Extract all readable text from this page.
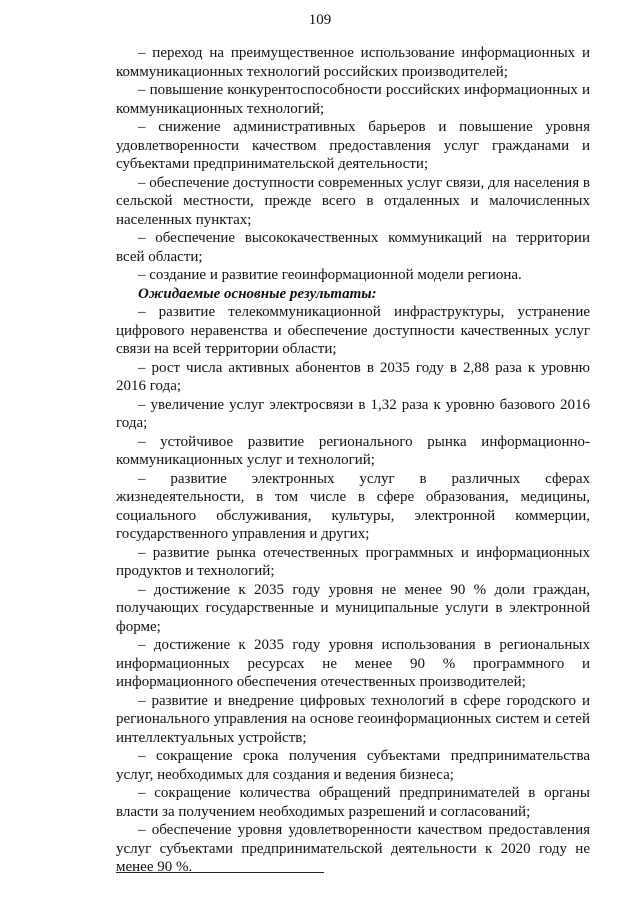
109

– переход на преимущественное использование информационных и коммуникационных технологий российских производителей;

– повышение конкурентоспособности российских информационных и коммуникационных технологий;

– снижение административных барьеров и повышение уровня удовлетворенности качеством предоставления услуг гражданами и субъектами предпринимательской деятельности;

– обеспечение доступности современных услуг связи, для населения в сельской местности, прежде всего в отдаленных и малочисленных населенных пунктах;

– обеспечение высококачественных коммуникаций на территории всей области;

– создание и развитие геоинформационной модели региона.

Ожидаемые основные результаты:

– развитие телекоммуникационной инфраструктуры, устранение цифрового неравенства и обеспечение доступности качественных услуг связи на всей территории области;

– рост числа активных абонентов в 2035 году в 2,88 раза к уровню 2016 года;

– увеличение услуг электросвязи в 1,32 раза к уровню базового 2016 года;

– устойчивое развитие регионального рынка информационно-коммуникационных услуг и технологий;

– развитие электронных услуг в различных сферах жизнедеятельности, в том числе в сфере образования, медицины, социального обслуживания, культуры, электронной коммерции, государственного управления и других;

– развитие рынка отечественных программных и информационных продуктов и технологий;

– достижение к 2035 году уровня не менее 90 % доли граждан, получающих государственные и муниципальные услуги в электронной форме;

– достижение к 2035 году уровня использования в региональных информационных ресурсах не менее 90 % программного и информационного обеспечения отечественных производителей;

– развитие и внедрение цифровых технологий в сфере городского и регионального управления на основе геоинформационных систем и сетей интеллектуальных устройств;

– сокращение срока получения субъектами предпринимательства услуг, необходимых для создания и ведения бизнеса;

– сокращение количества обращений предпринимателей в органы власти за получением необходимых разрешений и согласований;

– обеспечение уровня удовлетворенности качеством предоставления услуг субъектами предпринимательской деятельности к 2020 году не менее 90 %.
